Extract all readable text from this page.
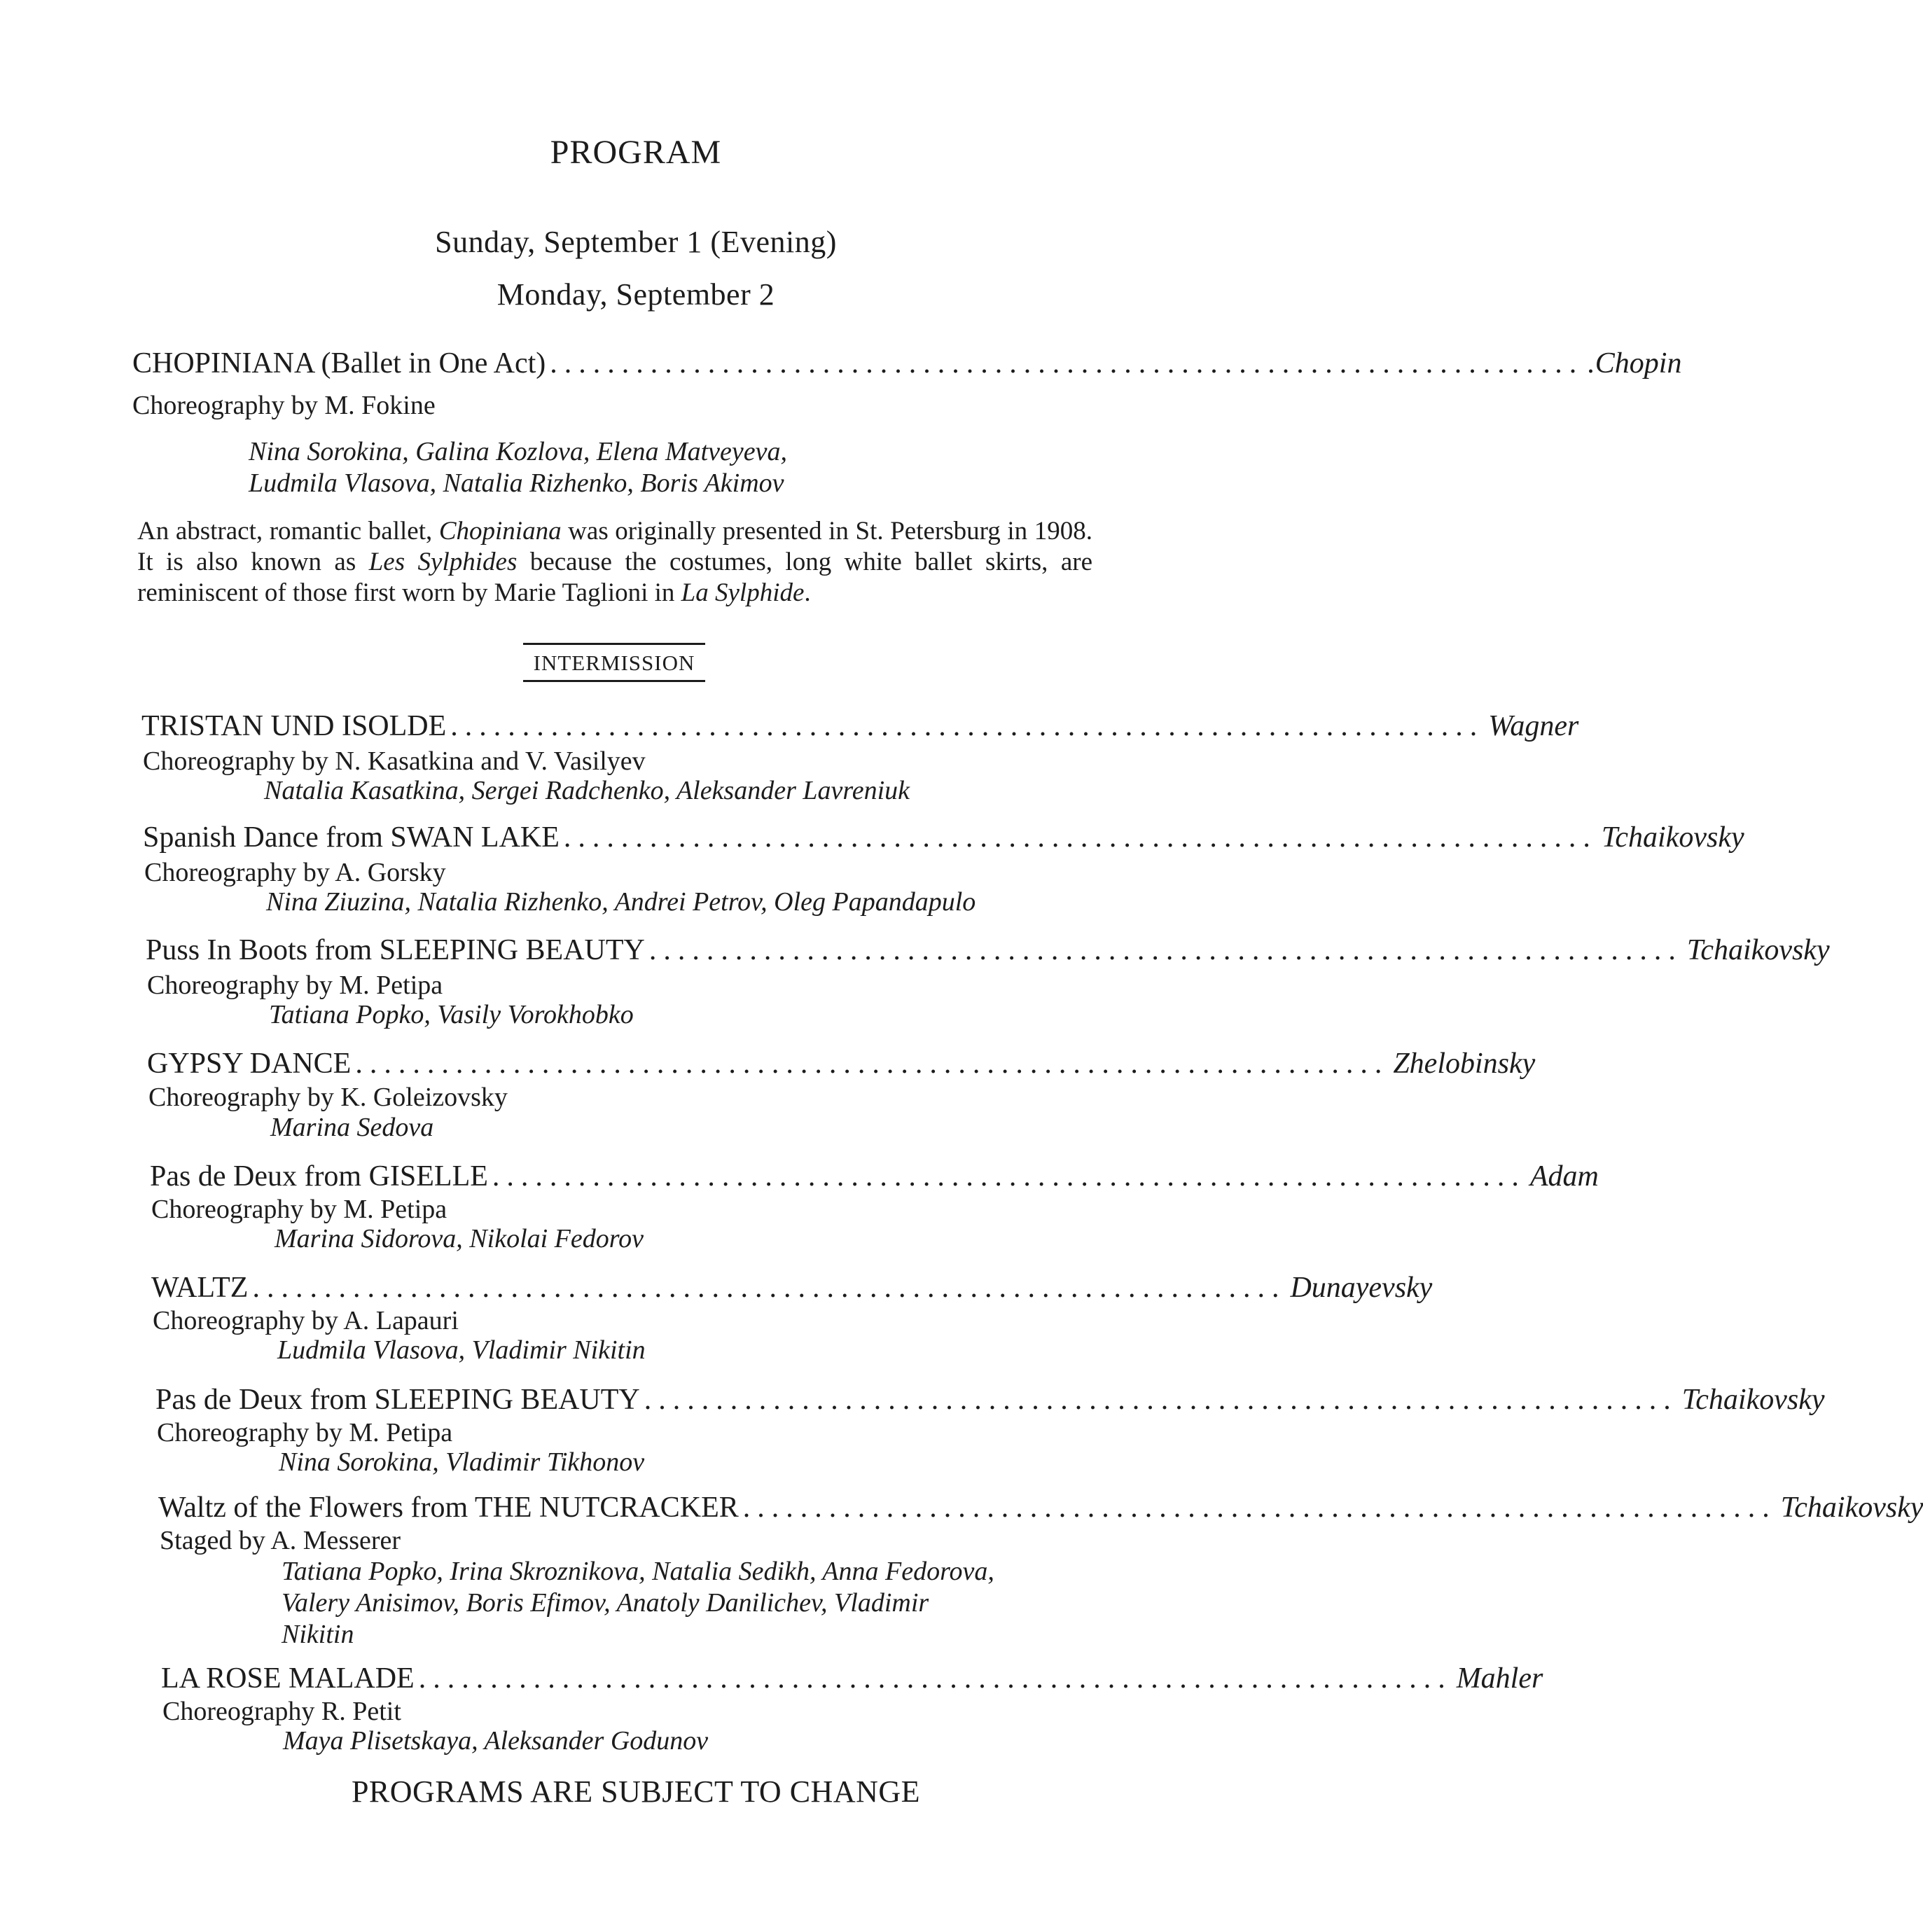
PROGRAM
Sunday, September 1 (Evening)
Monday, September 2
CHOPINIANA (Ballet in One Act) ........................................................................ .Chopin
Choreography by M. Fokine
Nina Sorokina, Galina Kozlova, Elena Matveyeva,
Ludmila Vlasova, Natalia Rizhenko, Boris Akimov
An abstract, romantic ballet, Chopiniana was originally presented in St. Petersburg in 1908. It is also known as Les Sylphides because the costumes, long white ballet skirts, are reminiscent of those first worn by Marie Taglioni in La Sylphide.
INTERMISSION
TRISTAN UND ISOLDE ........................................................................ Wagner
Choreography by N. Kasatkina and V. Vasilyev
Natalia Kasatkina, Sergei Radchenko, Aleksander Lavreniuk
Spanish Dance from SWAN LAKE ........................................................................ Tchaikovsky
Choreography by A. Gorsky
Nina Ziuzina, Natalia Rizhenko, Andrei Petrov, Oleg Papandapulo
Puss In Boots from SLEEPING BEAUTY ........................................................................ Tchaikovsky
Choreography by M. Petipa
Tatiana Popko, Vasily Vorokhobko
GYPSY DANCE ........................................................................ Zhelobinsky
Choreography by K. Goleizovsky
Marina Sedova
Pas de Deux from GISELLE ........................................................................ Adam
Choreography by M. Petipa
Marina Sidorova, Nikolai Fedorov
WALTZ ........................................................................ Dunayevsky
Choreography by A. Lapauri
Ludmila Vlasova, Vladimir Nikitin
Pas de Deux from SLEEPING BEAUTY ........................................................................ Tchaikovsky
Choreography by M. Petipa
Nina Sorokina, Vladimir Tikhonov
Waltz of the Flowers from THE NUTCRACKER ........................................................................ Tchaikovsky
Staged by A. Messerer
Tatiana Popko, Irina Skroznikova, Natalia Sedikh, Anna Fedorova,
Valery Anisimov, Boris Efimov, Anatoly Danilichev, Vladimir
Nikitin
LA ROSE MALADE ........................................................................ Mahler
Choreography R. Petit
Maya Plisetskaya, Aleksander Godunov
PROGRAMS ARE SUBJECT TO CHANGE
